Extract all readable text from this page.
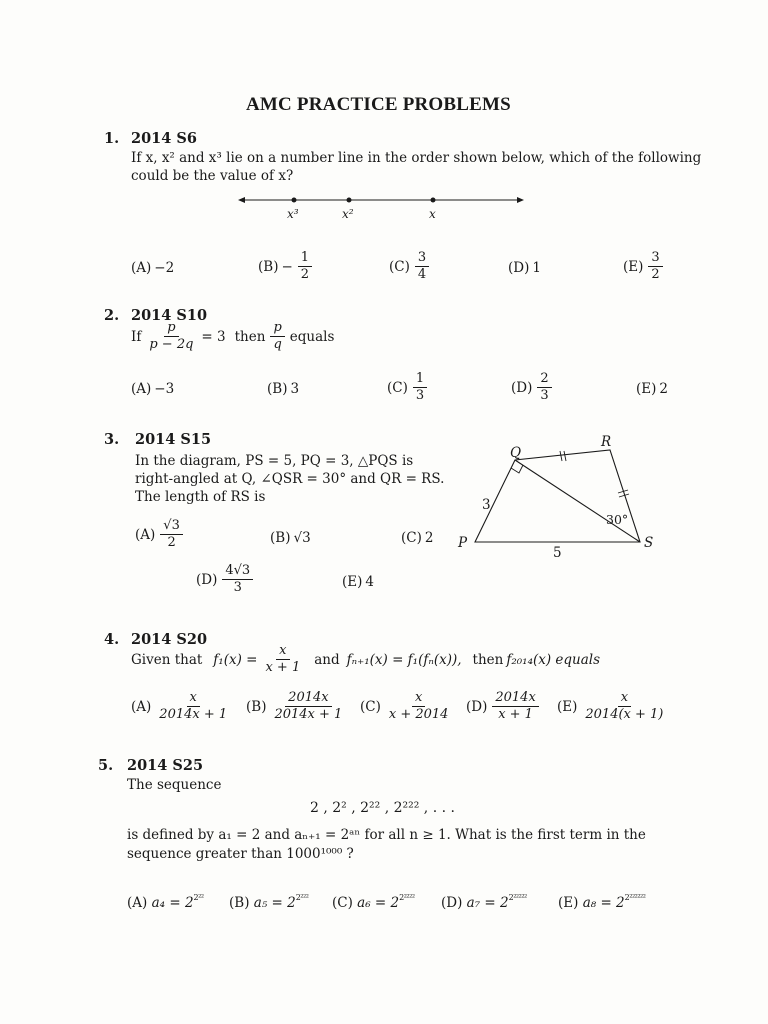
AMC PRACTICE PROBLEMS
1. 2014 S6
If x, x² and x³ lie on a number line in the order shown below, which of the following
could be the value of x?
x³	x²	x
(A) −2	$(B) - \frac{1}{2}$	$(C) \frac{3}{4}$	(D) 1	$(E) \frac{3}{2}$
2. 2014 S10
If $\frac{p}{p - 2q} = 3$ then $\frac{p}{q}$ equals
(A) −3	(B) 3	$(C) \frac{1}{3}$	$(D) \frac{2}{3}$	(E) 2
3. 2014 S15
In the diagram, PS = 5, PQ = 3, △PQS is
right-angled at Q, ∠QSR = 30° and QR = RS.
The length of RS is
Q
R
P	S
3
5
30°
$(A) \frac{√3}{2}$	(B) √3	(C) 2
$(D) \frac{4√3}{3}$	(E) 4
4. 2014 S20
Given that $f_1(x) = \frac{x}{x + 1}$ and fₙ₊₁(x) = f₁(fₙ(x)), then f₂₀₁₄(x) equals
$(A) \frac{x}{2014x + 1} (B) \frac{2014x}{2014x + 1} (C) \frac{x}{x + 2014} (D) \frac{2014x}{x + 1} (E) \frac{x}{2014(x + 1)}$
5. 2014 S25
The sequence
2 , 2² , 2²² , 2²²² , . . .
is defined by a₁ = 2 and aₙ₊₁ = 2ᵃⁿ for all n ≥ 1. What is the first term in the
sequence greater than 1000¹⁰⁰⁰ ?
(A) $a_4 = 2^{2^{22}}$ (B) $a_5 = 2^{2^{222}}$ (C) $a_6 = 2^{2^{2222}}$ (D) $a_7 = 2^{2^{22222}}$ (E) $a_8 = 2^{2^{222222}}$
